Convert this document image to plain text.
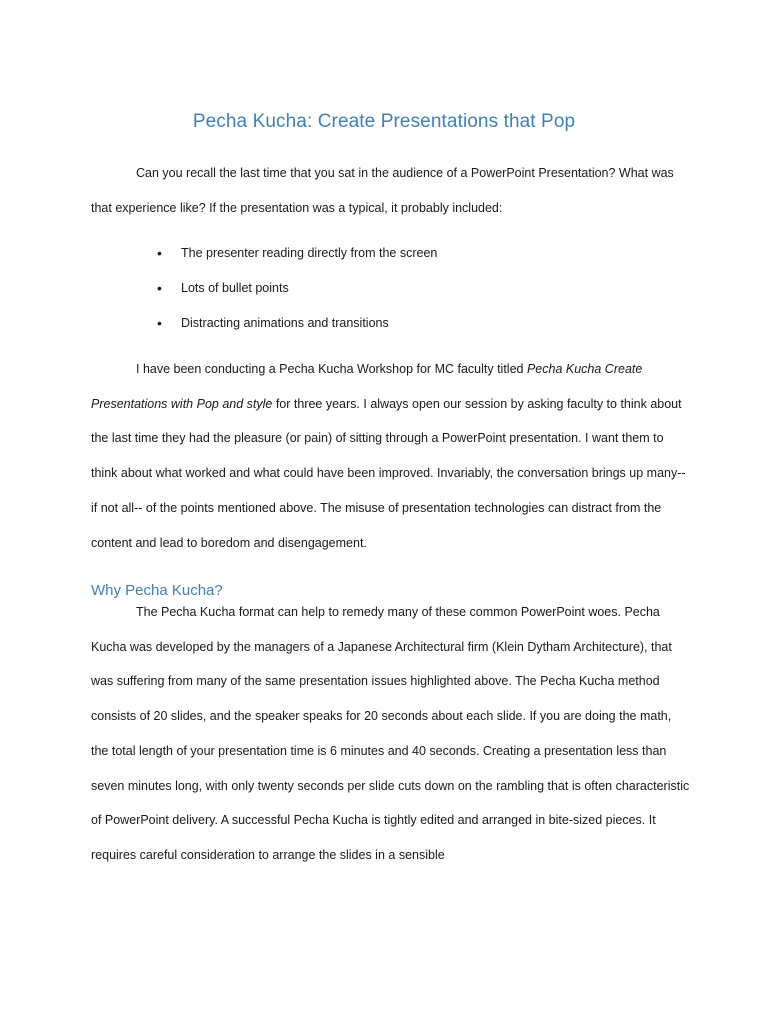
Pecha Kucha: Create Presentations that Pop

Can you recall the last time that you sat in the audience of a PowerPoint Presentation? What was that experience like? If the presentation was a typical, it probably included:

• The presenter reading directly from the screen
• Lots of bullet points
• Distracting animations and transitions

I have been conducting a Pecha Kucha Workshop for MC faculty titled Pecha Kucha Create Presentations with Pop and style for three years. I always open our session by asking faculty to think about the last time they had the pleasure (or pain) of sitting through a PowerPoint presentation. I want them to think about what worked and what could have been improved. Invariably, the conversation brings up many-- if not all-- of the points mentioned above. The misuse of presentation technologies can distract from the content and lead to boredom and disengagement.

Why Pecha Kucha?

The Pecha Kucha format can help to remedy many of these common PowerPoint woes. Pecha Kucha was developed by the managers of a Japanese Architectural firm (Klein Dytham Architecture), that was suffering from many of the same presentation issues highlighted above. The Pecha Kucha method consists of 20 slides, and the speaker speaks for 20 seconds about each slide. If you are doing the math, the total length of your presentation time is 6 minutes and 40 seconds. Creating a presentation less than seven minutes long, with only twenty seconds per slide cuts down on the rambling that is often characteristic of PowerPoint delivery. A successful Pecha Kucha is tightly edited and arranged in bite-sized pieces. It requires careful consideration to arrange the slides in a sensible
